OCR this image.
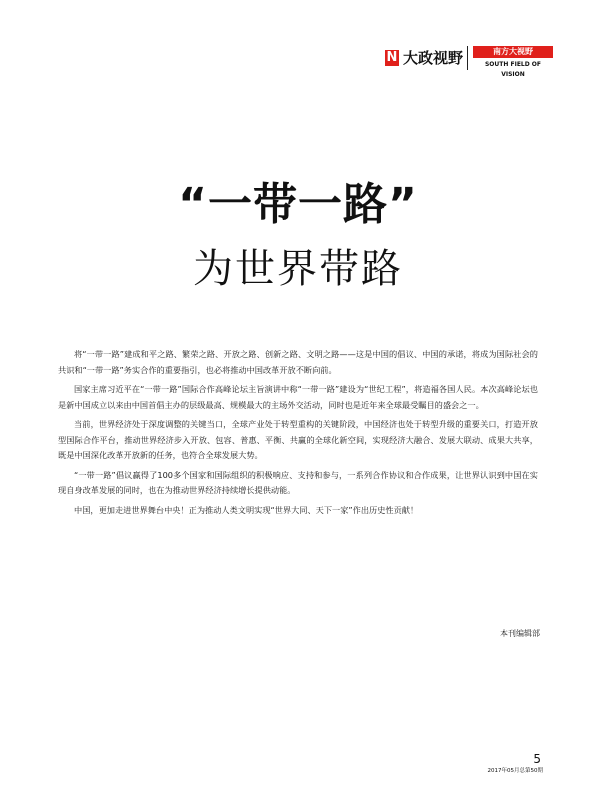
N 大政视野	南方大视野
SOUTH FIELD OF VISION
“一带一路”
为世界带路

将“一带一路”建成和平之路、繁荣之路、开放之路、创新之路、文明之路——这是中国的倡议、中国的承诺，将成为国际社会的共识和“一带一路”务实合作的重要指引，也必将推动中国改革开放不断向前。

国家主席习近平在“一带一路”国际合作高峰论坛主旨演讲中称“一带一路”建设为“世纪工程”，将造福各国人民。本次高峰论坛也是新中国成立以来由中国首倡主办的层级最高、规模最大的主场外交活动，同时也是近年来全球最受瞩目的盛会之一。

当前，世界经济处于深度调整的关键当口，全球产业处于转型重构的关键阶段，中国经济也处于转型升级的重要关口，打造开放型国际合作平台，推动世界经济步入开放、包容、普惠、平衡、共赢的全球化新空间，实现经济大融合、发展大联动、成果大共享，既是中国深化改革开放新的任务，也符合全球发展大势。

“一带一路”倡议赢得了100多个国家和国际组织的积极响应、支持和参与，一系列合作协议和合作成果，让世界认识到中国在实现自身改革发展的同时，也在为推动世界经济持续增长提供动能。

中国，更加走进世界舞台中央！正为推动人类文明实现“世界大同、天下一家”作出历史性贡献！

本刊编辑部
5
2017年05月总第50期
